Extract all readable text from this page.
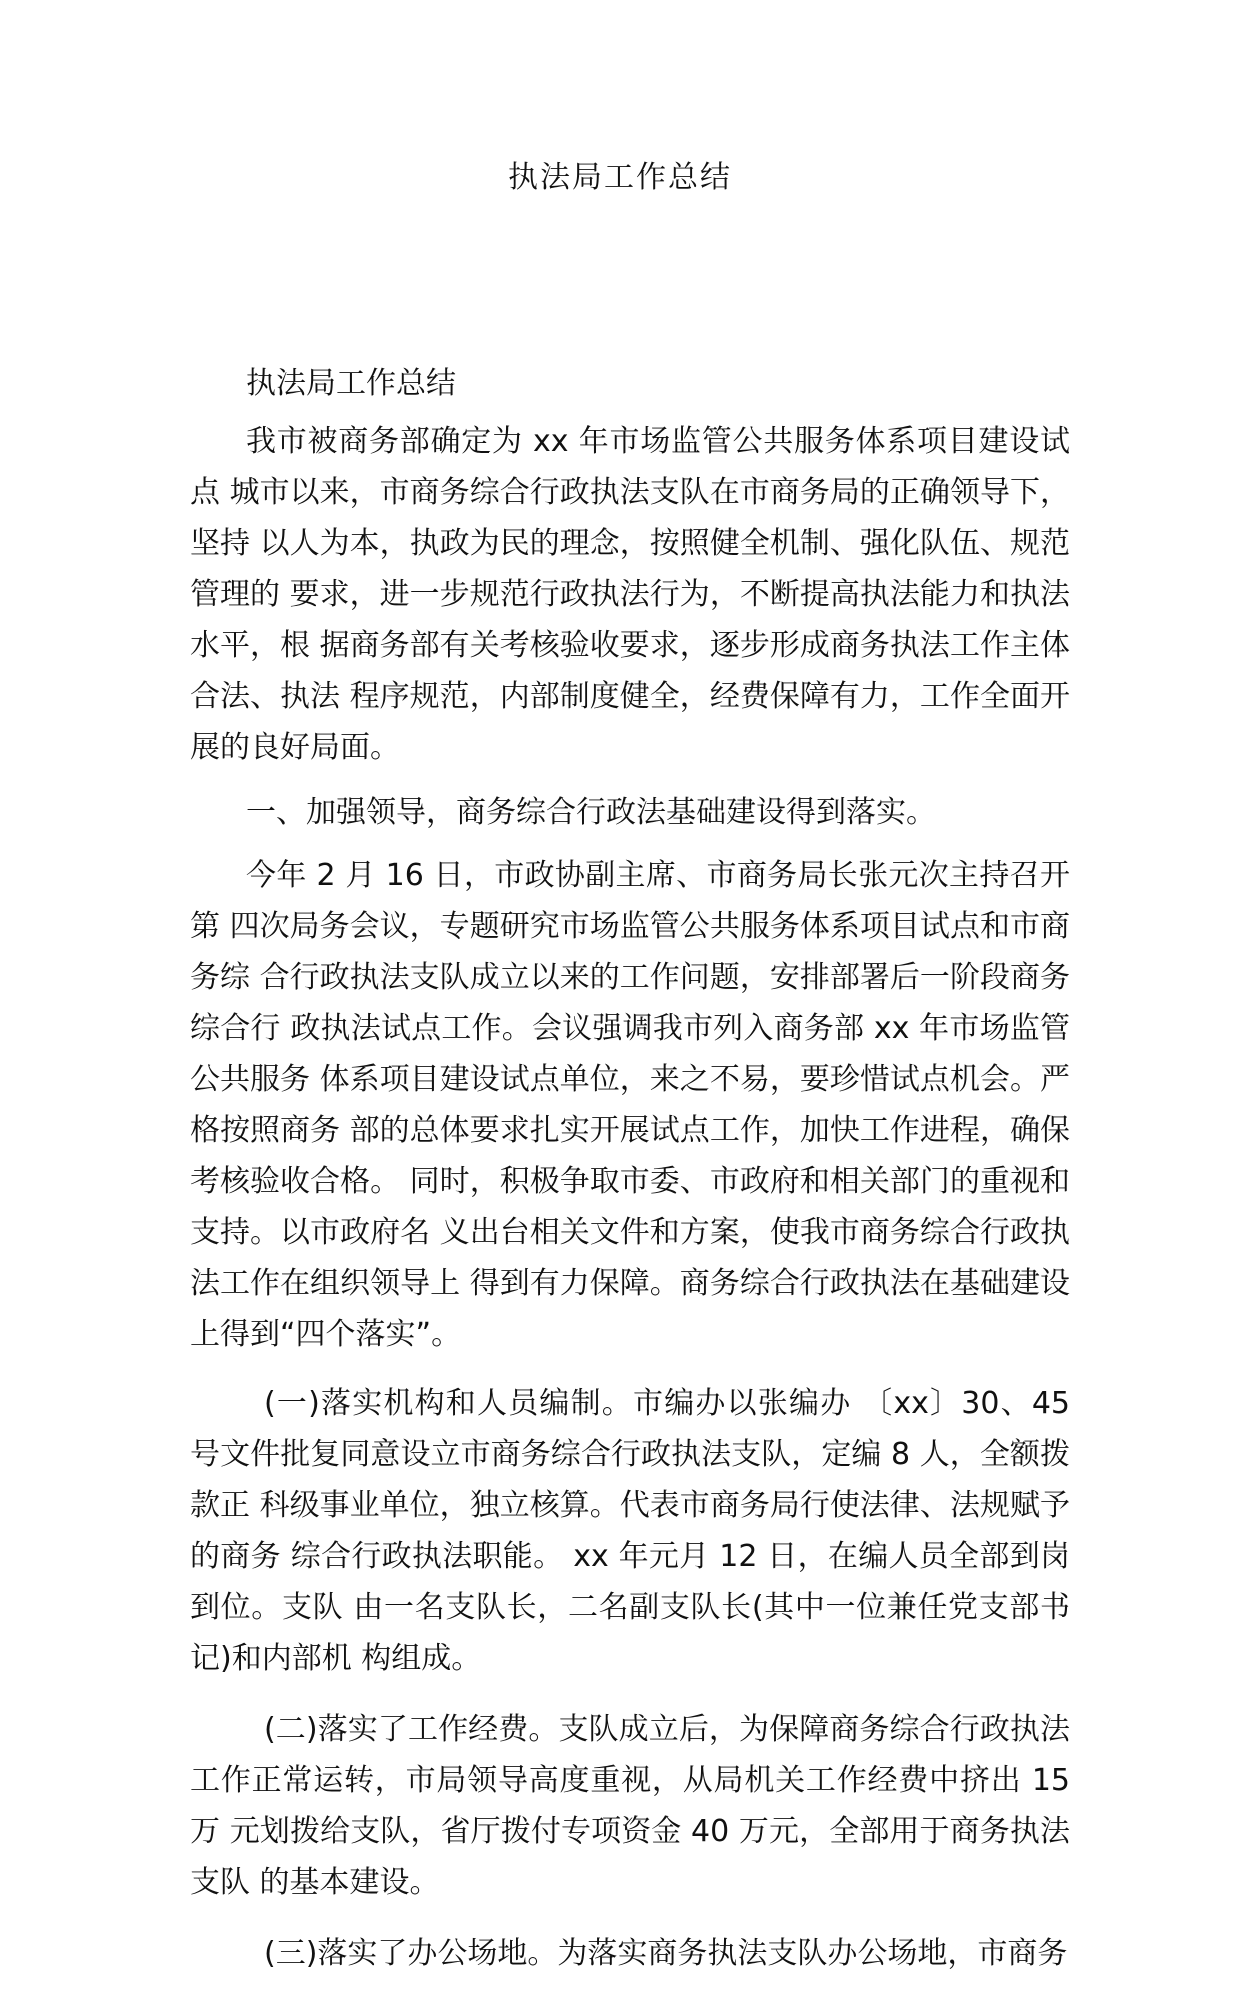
执法局工作总结
执法局工作总结

我市被商务部确定为 xx 年市场监管公共服务体系项目建设试点 城市以来，市商务综合行政执法支队在市商务局的正确领导下，坚持 以人为本，执政为民的理念，按照健全机制、强化队伍、规范管理的 要求，进一步规范行政执法行为，不断提高执法能力和执法水平，根 据商务部有关考核验收要求，逐步形成商务执法工作主体合法、执法 程序规范，内部制度健全，经费保障有力，工作全面开展的良好局面。

一、加强领导，商务综合行政法基础建设得到落实。

今年 2 月 16 日，市政协副主席、市商务局长张元次主持召开第 四次局务会议，专题研究市场监管公共服务体系项目试点和市商务综 合行政执法支队成立以来的工作问题，安排部署后一阶段商务综合行 政执法试点工作。会议强调我市列入商务部 xx 年市场监管公共服务 体系项目建设试点单位，来之不易，要珍惜试点机会。严格按照商务 部的总体要求扎实开展试点工作，加快工作进程，确保考核验收合格。 同时，积极争取市委、市政府和相关部门的重视和支持。以市政府名 义出台相关文件和方案，使我市商务综合行政执法工作在组织领导上 得到有力保障。商务综合行政执法在基础建设上得到“四个落实”。

(一)落实机构和人员编制。市编办以张编办 〔xx〕30、45 号文件批复同意设立市商务综合行政执法支队，定编 8 人，全额拨款正 科级事业单位，独立核算。代表市商务局行使法律、法规赋予的商务 综合行政执法职能。 xx 年元月 12 日，在编人员全部到岗到位。支队 由一名支队长，二名副支队长(其中一位兼任党支部书记)和内部机 构组成。

(二)落实了工作经费。支队成立后，为保障商务综合行政执法工作正常运转，市局领导高度重视，从局机关工作经费中挤出 15 万 元划拨给支队，省厅拨付专项资金 40 万元，全部用于商务执法支队 的基本建设。

(三)落实了办公场地。为落实商务执法支队办公场地，市商务
